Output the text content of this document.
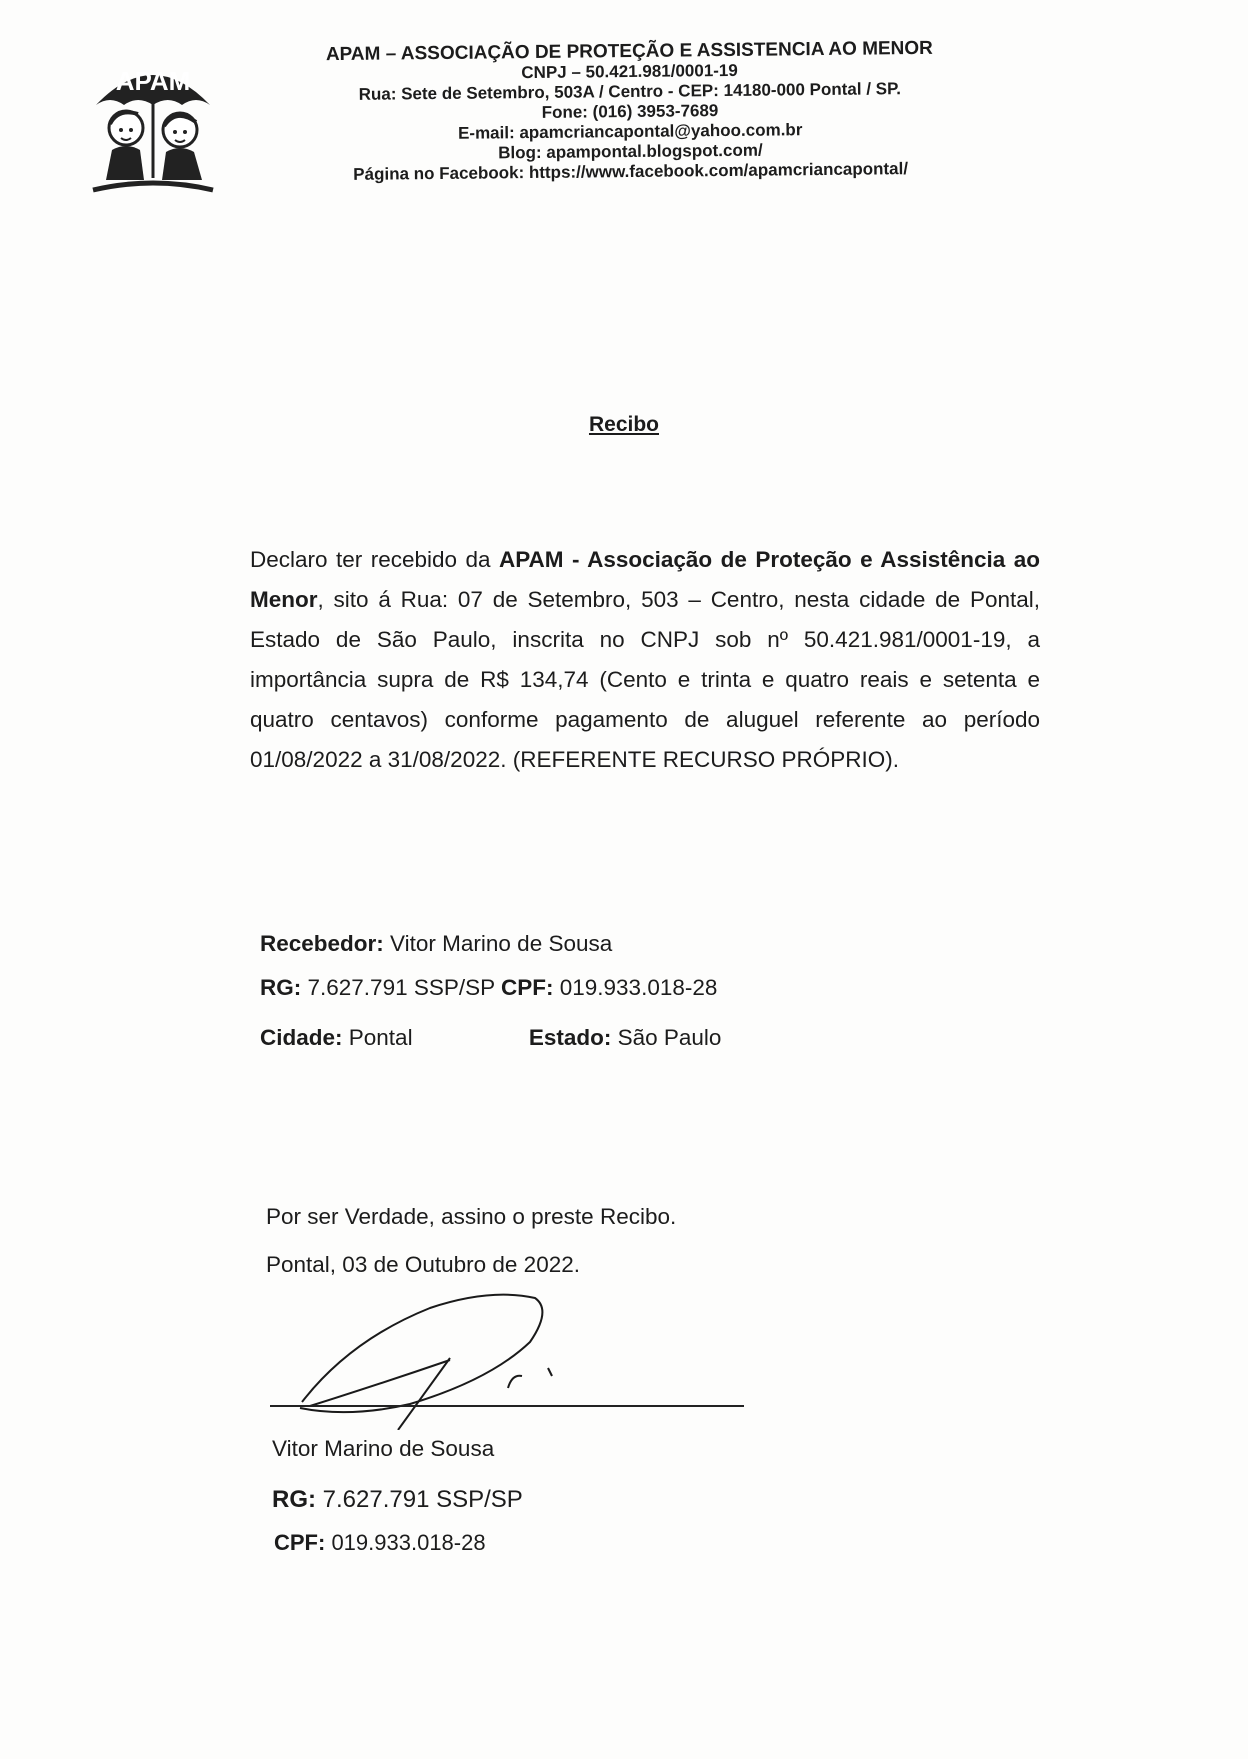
APAM
APAM – ASSOCIAÇÃO DE PROTEÇÃO E ASSISTENCIA AO MENOR
CNPJ – 50.421.981/0001-19
Rua: Sete de Setembro, 503A / Centro - CEP: 14180-000 Pontal / SP.
Fone: (016) 3953-7689
E-mail: apamcriancapontal@yahoo.com.br
Blog: apampontal.blogspot.com/
Página no Facebook: https://www.facebook.com/apamcriancapontal/
Recibo
Declaro ter recebido da APAM - Associação de Proteção e Assistência ao Menor, sito á Rua: 07 de Setembro, 503 – Centro, nesta cidade de Pontal, Estado de São Paulo, inscrita no CNPJ sob nº 50.421.981/0001-19, a importância supra de R$ 134,74 (Cento e trinta e quatro reais e setenta e quatro centavos) conforme pagamento de aluguel referente ao período 01/08/2022 a 31/08/2022. (REFERENTE RECURSO PRÓPRIO).
Recebedor: Vitor Marino de Sousa
RG: 7.627.791 SSP/SP CPF: 019.933.018-28
Cidade: Pontal	Estado: São Paulo
Por ser Verdade, assino o preste Recibo.
Pontal, 03 de Outubro de 2022.
Vitor Marino de Sousa
RG: 7.627.791 SSP/SP
CPF: 019.933.018-28
